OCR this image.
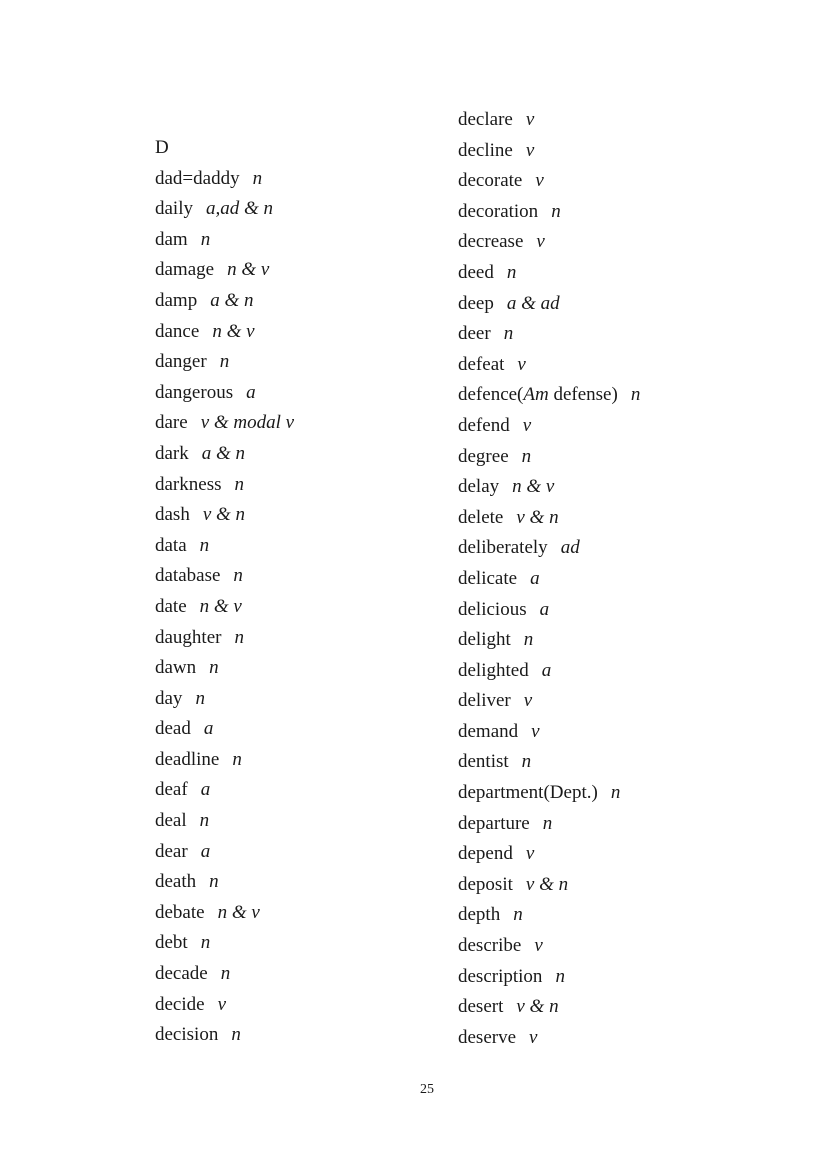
D
dad=daddy n
daily a,ad & n
dam n
damage n & v
damp a & n
dance n & v
danger n
dangerous a
dare v & modal v
dark a & n
darkness n
dash v & n
data n
database n
date n & v
daughter n
dawn n
day n
dead a
deadline n
deaf a
deal n
dear a
death n
debate n & v
debt n
decade n
decide v
decision n
declare v
decline v
decorate v
decoration n
decrease v
deed n
deep a & ad
deer n
defeat v
defence(Am defense) n
defend v
degree n
delay n & v
delete v & n
deliberately ad
delicate a
delicious a
delight n
delighted a
deliver v
demand v
dentist n
department(Dept.) n
departure n
depend v
deposit v & n
depth n
describe v
description n
desert v & n
deserve v
25
